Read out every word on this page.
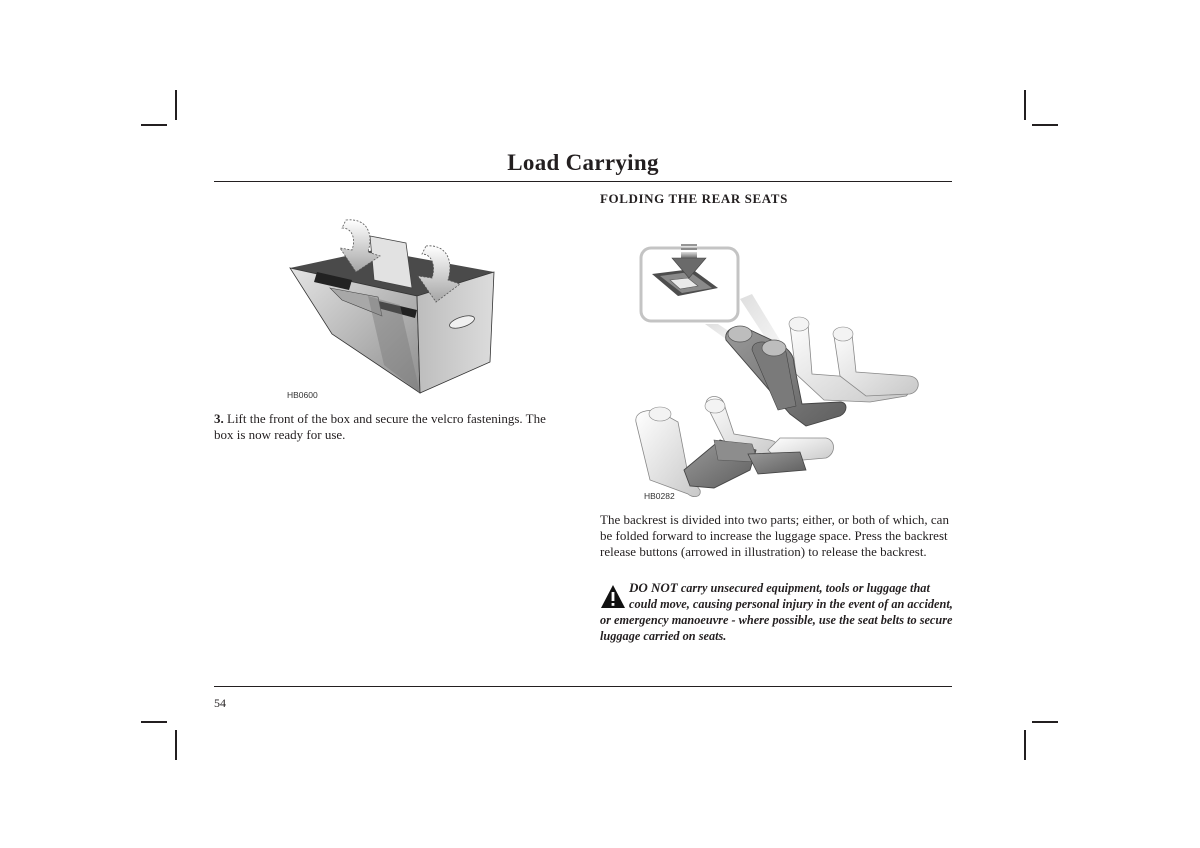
Load Carrying
HB0600

3. Lift the front of the box and secure the velcro fastenings. The box is now ready for use.

FOLDING THE REAR SEATS
HB0282

The backrest is divided into two parts; either, or both of which, can be folded forward to increase the luggage space. Press the backrest release buttons (arrowed in illustration) to release the backrest.

DO NOT carry unsecured equipment, tools or luggage that could move, causing personal injury in the event of an accident, or emergency manoeuvre - where possible, use the seat belts to secure luggage carried on seats.
54
